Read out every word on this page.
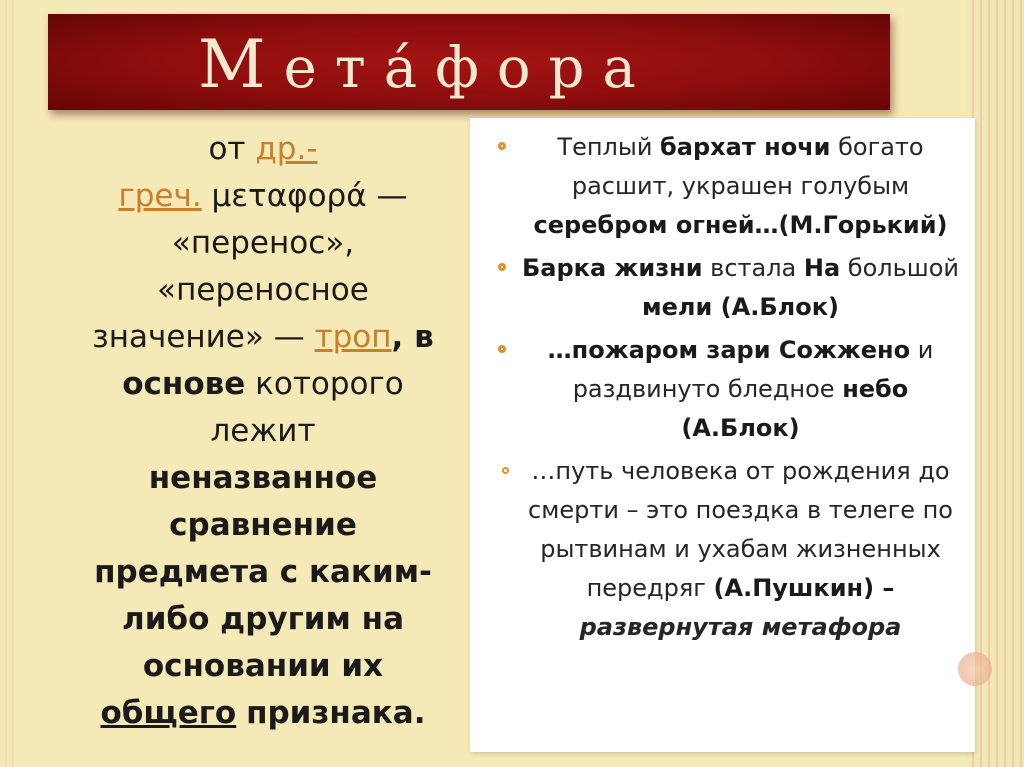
Мета́фора
от др.-
греч. μεταφορά —
«перенос»,
«переносное
значение» — троп, в
основе которого
лежит
неназванное
сравнение
предмета с каким-
либо другим на
основании их
общего признака.
Теплый бархат ночи богато расшит, украшен голубым серебром огней…(М.Горький)
Барка жизни встала На большой мели (А.Блок)
…пожаром зари Сожжено и раздвинуто бледное небо (А.Блок)
…путь человека от рождения до смерти – это поездка в телеге по рытвинам и ухабам жизненных передряг (А.Пушкин) –
развернутая метафора
